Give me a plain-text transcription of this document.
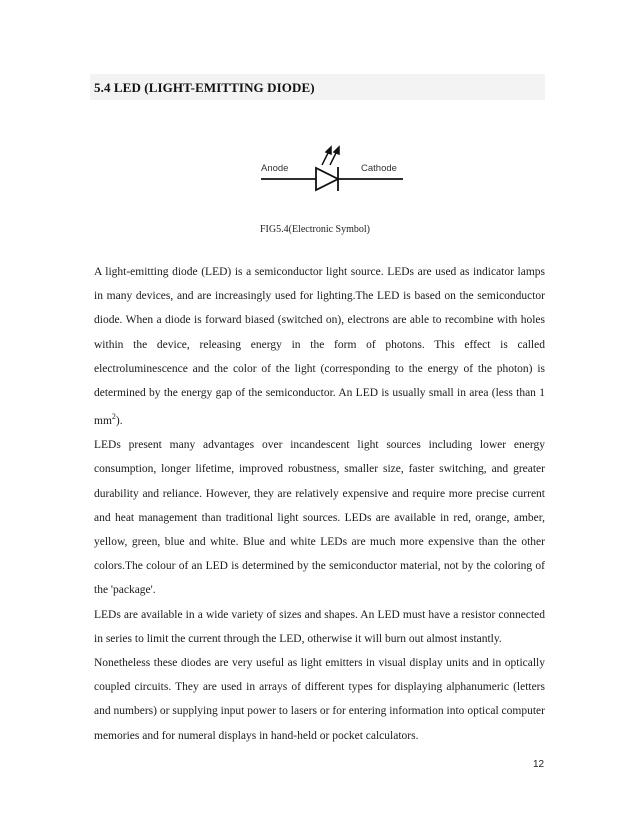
5.4 LED (LIGHT-EMITTING DIODE)
Anode	Cathode
FIG5.4(Electronic Symbol)

A light-emitting diode (LED) is a semiconductor light source. LEDs are used as indicator lamps in many devices, and are increasingly used for lighting.The LED is based on the semiconductor diode. When a diode is forward biased (switched on), electrons are able to recombine with holes within the device, releasing energy in the form of photons. This effect is called electroluminescence and the color of the light (corresponding to the energy of the photon) is determined by the energy gap of the semiconductor. An LED is usually small in area (less than 1 $mm^2$).

LEDs present many advantages over incandescent light sources including lower energy consumption, longer lifetime, improved robustness, smaller size, faster switching, and greater durability and reliance. However, they are relatively expensive and require more precise current and heat management than traditional light sources. LEDs are available in red, orange, amber, yellow, green, blue and white. Blue and white LEDs are much more expensive than the other colors.The colour of an LED is determined by the semiconductor material, not by the coloring of the 'package'.

LEDs are available in a wide variety of sizes and shapes. An LED must have a resistor connected in series to limit the current through the LED, otherwise it will burn out almost instantly.

Nonetheless these diodes are very useful as light emitters in visual display units and in optically coupled circuits. They are used in arrays of different types for displaying alphanumeric (letters and numbers) or supplying input power to lasers or for entering information into optical computer memories and for numeral displays in hand-held or pocket calculators.

12
